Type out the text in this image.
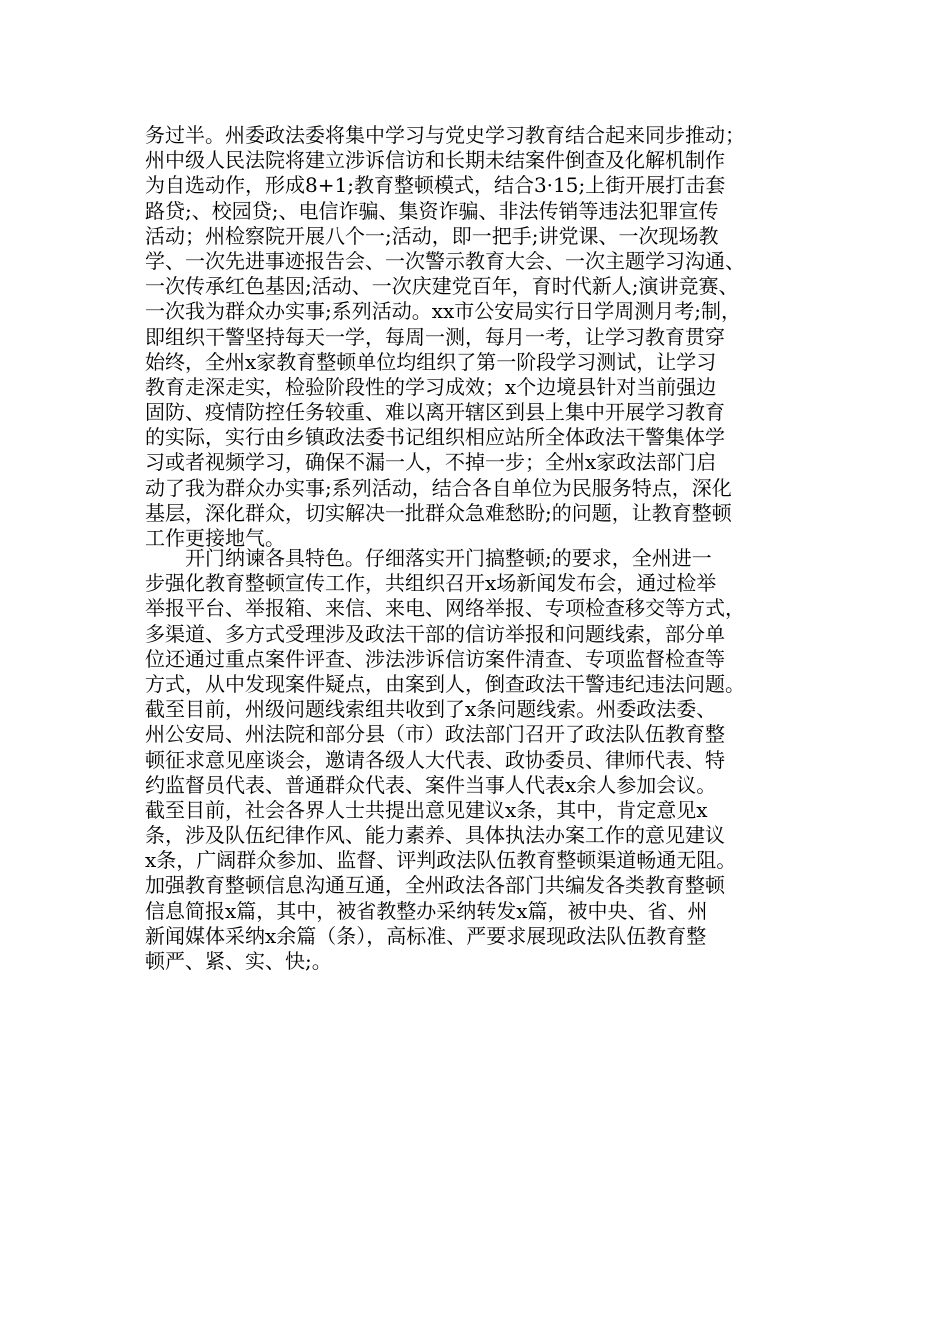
务过半。州委政法委将集中学习与党史学习教育结合起来同步推动；
州中级人民法院将建立涉诉信访和长期未结案件倒查及化解机制作
为自选动作，形成8+1;教育整顿模式，结合3·15;上街开展打击套
路贷;、校园贷;、电信诈骗、集资诈骗、非法传销等违法犯罪宣传
活动；州检察院开展八个一;活动，即一把手;讲党课、一次现场教
学、一次先进事迹报告会、一次警示教育大会、一次主题学习沟通、
一次传承红色基因;活动、一次庆建党百年，育时代新人;演讲竞赛、
一次我为群众办实事;系列活动。xx市公安局实行日学周测月考;制，
即组织干警坚持每天一学，每周一测，每月一考，让学习教育贯穿
始终，全州x家教育整顿单位均组织了第一阶段学习测试，让学习
教育走深走实，检验阶段性的学习成效；x个边境县针对当前强边
固防、疫情防控任务较重、难以离开辖区到县上集中开展学习教育
的实际，实行由乡镇政法委书记组织相应站所全体政法干警集体学
习或者视频学习，确保不漏一人，不掉一步；全州x家政法部门启
动了我为群众办实事;系列活动，结合各自单位为民服务特点，深化
基层，深化群众，切实解决一批群众急难愁盼;的问题，让教育整顿
工作更接地气。
　　开门纳谏各具特色。仔细落实开门搞整顿;的要求，全州进一
步强化教育整顿宣传工作，共组织召开x场新闻发布会，通过检举
举报平台、举报箱、来信、来电、网络举报、专项检查移交等方式，
多渠道、多方式受理涉及政法干部的信访举报和问题线索，部分单
位还通过重点案件评查、涉法涉诉信访案件清查、专项监督检查等
方式，从中发现案件疑点，由案到人，倒查政法干警违纪违法问题。
截至目前，州级问题线索组共收到了x条问题线索。州委政法委、
州公安局、州法院和部分县（市）政法部门召开了政法队伍教育整
顿征求意见座谈会，邀请各级人大代表、政协委员、律师代表、特
约监督员代表、普通群众代表、案件当事人代表x余人参加会议。
截至目前，社会各界人士共提出意见建议x条，其中，肯定意见x
条，涉及队伍纪律作风、能力素养、具体执法办案工作的意见建议
x条，广阔群众参加、监督、评判政法队伍教育整顿渠道畅通无阻。
加强教育整顿信息沟通互通，全州政法各部门共编发各类教育整顿
信息简报x篇，其中，被省教整办采纳转发x篇，被中央、省、州
新闻媒体采纳x余篇（条），高标准、严要求展现政法队伍教育整
顿严、紧、实、快;。
